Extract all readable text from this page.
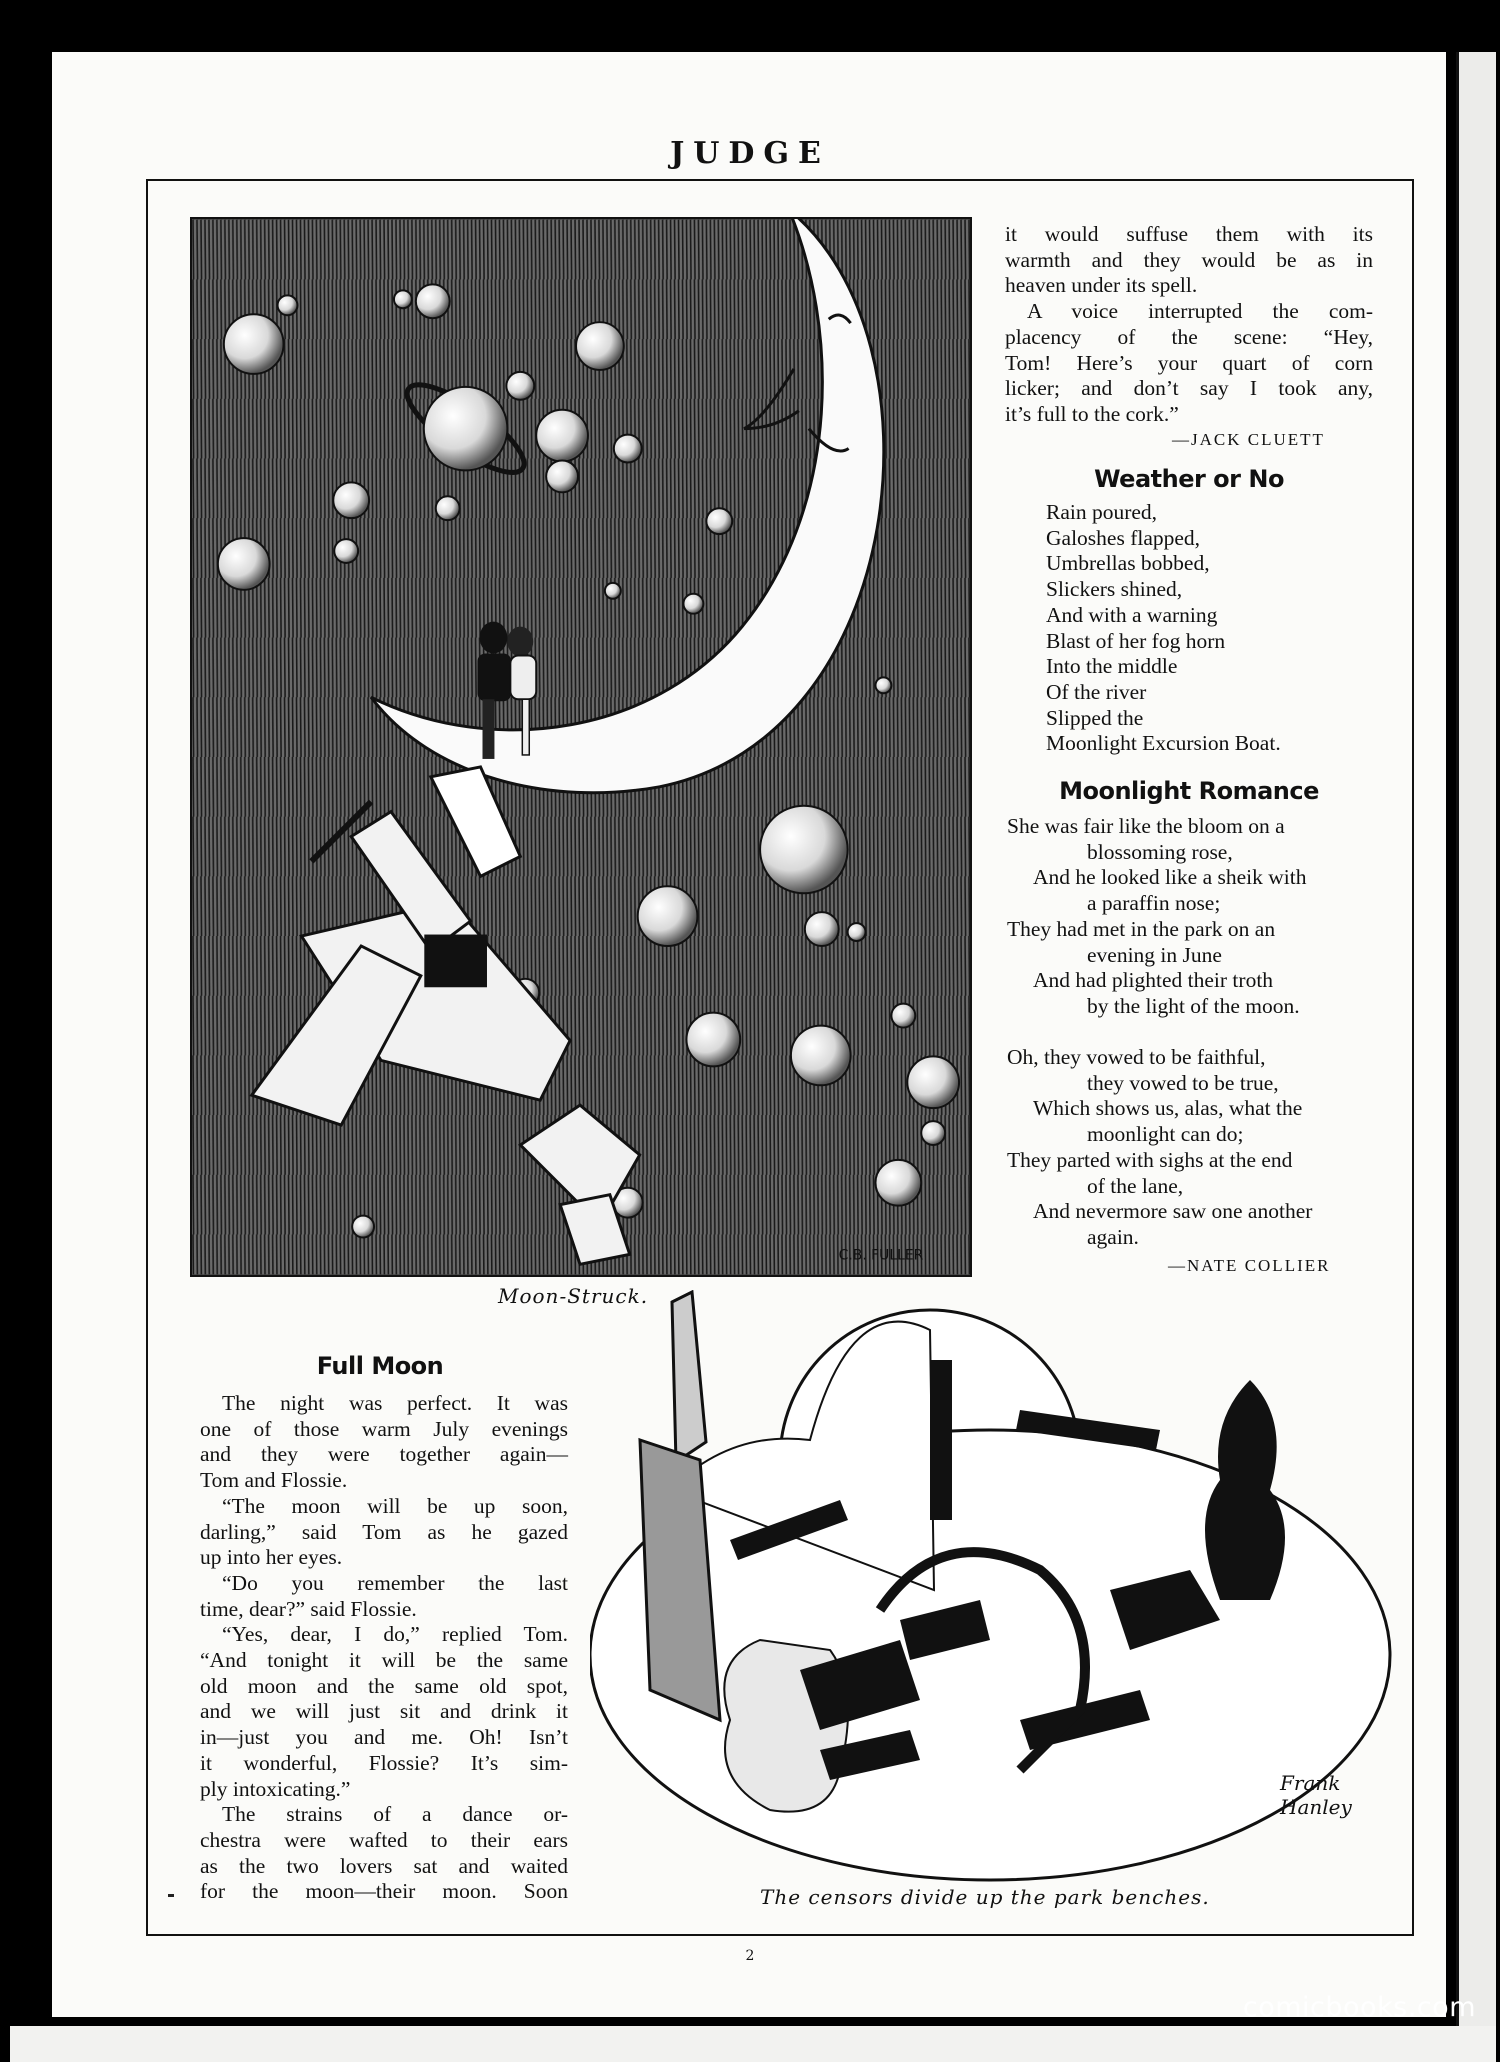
JUDGE
C.B. FULLER
Moon-Struck.

it would suffuse them with its

warmth and they would be as in

heaven under its spell.

A voice interrupted the com-

placency of the scene: “Hey,

Tom! Here’s your quart of corn

licker; and don’t say I took any,

it’s full to the cork.”

—JACK CLUETT
Weather or No
Rain poured,
Galoshes flapped,
Umbrellas bobbed,
Slickers shined,
And with a warning
Blast of her fog horn
Into the middle
Of the river
Slipped the
Moonlight Excursion Boat.
Moonlight Romance
She was fair like the bloom on a
blossoming rose,
And he looked like a sheik with
a paraffin nose;
They had met in the park on an
evening in June
And had plighted their troth
by the light of the moon.
Oh, they vowed to be faithful,
they vowed to be true,
Which shows us, alas, what the
moonlight can do;
They parted with sighs at the end
of the lane,
And nevermore saw one another
again.
—NATE COLLIER
Full Moon

The night was perfect. It was

one of those warm July evenings

and they were together again—

Tom and Flossie.

“The moon will be up soon,

darling,” said Tom as he gazed

up into her eyes.

“Do you remember the last

time, dear?” said Flossie.

“Yes, dear, I do,” replied Tom.

“And tonight it will be the same

old moon and the same old spot,

and we will just sit and drink it

in—just you and me. Oh! Isn’t

it wonderful, Flossie? It’s sim-

ply intoxicating.”

The strains of a dance or-

chestra were wafted to their ears

as the two lovers sat and waited

for the moon—their moon. Soon

Frank
Hanley
The censors divide up the park benches.
2
comicbooks.com
